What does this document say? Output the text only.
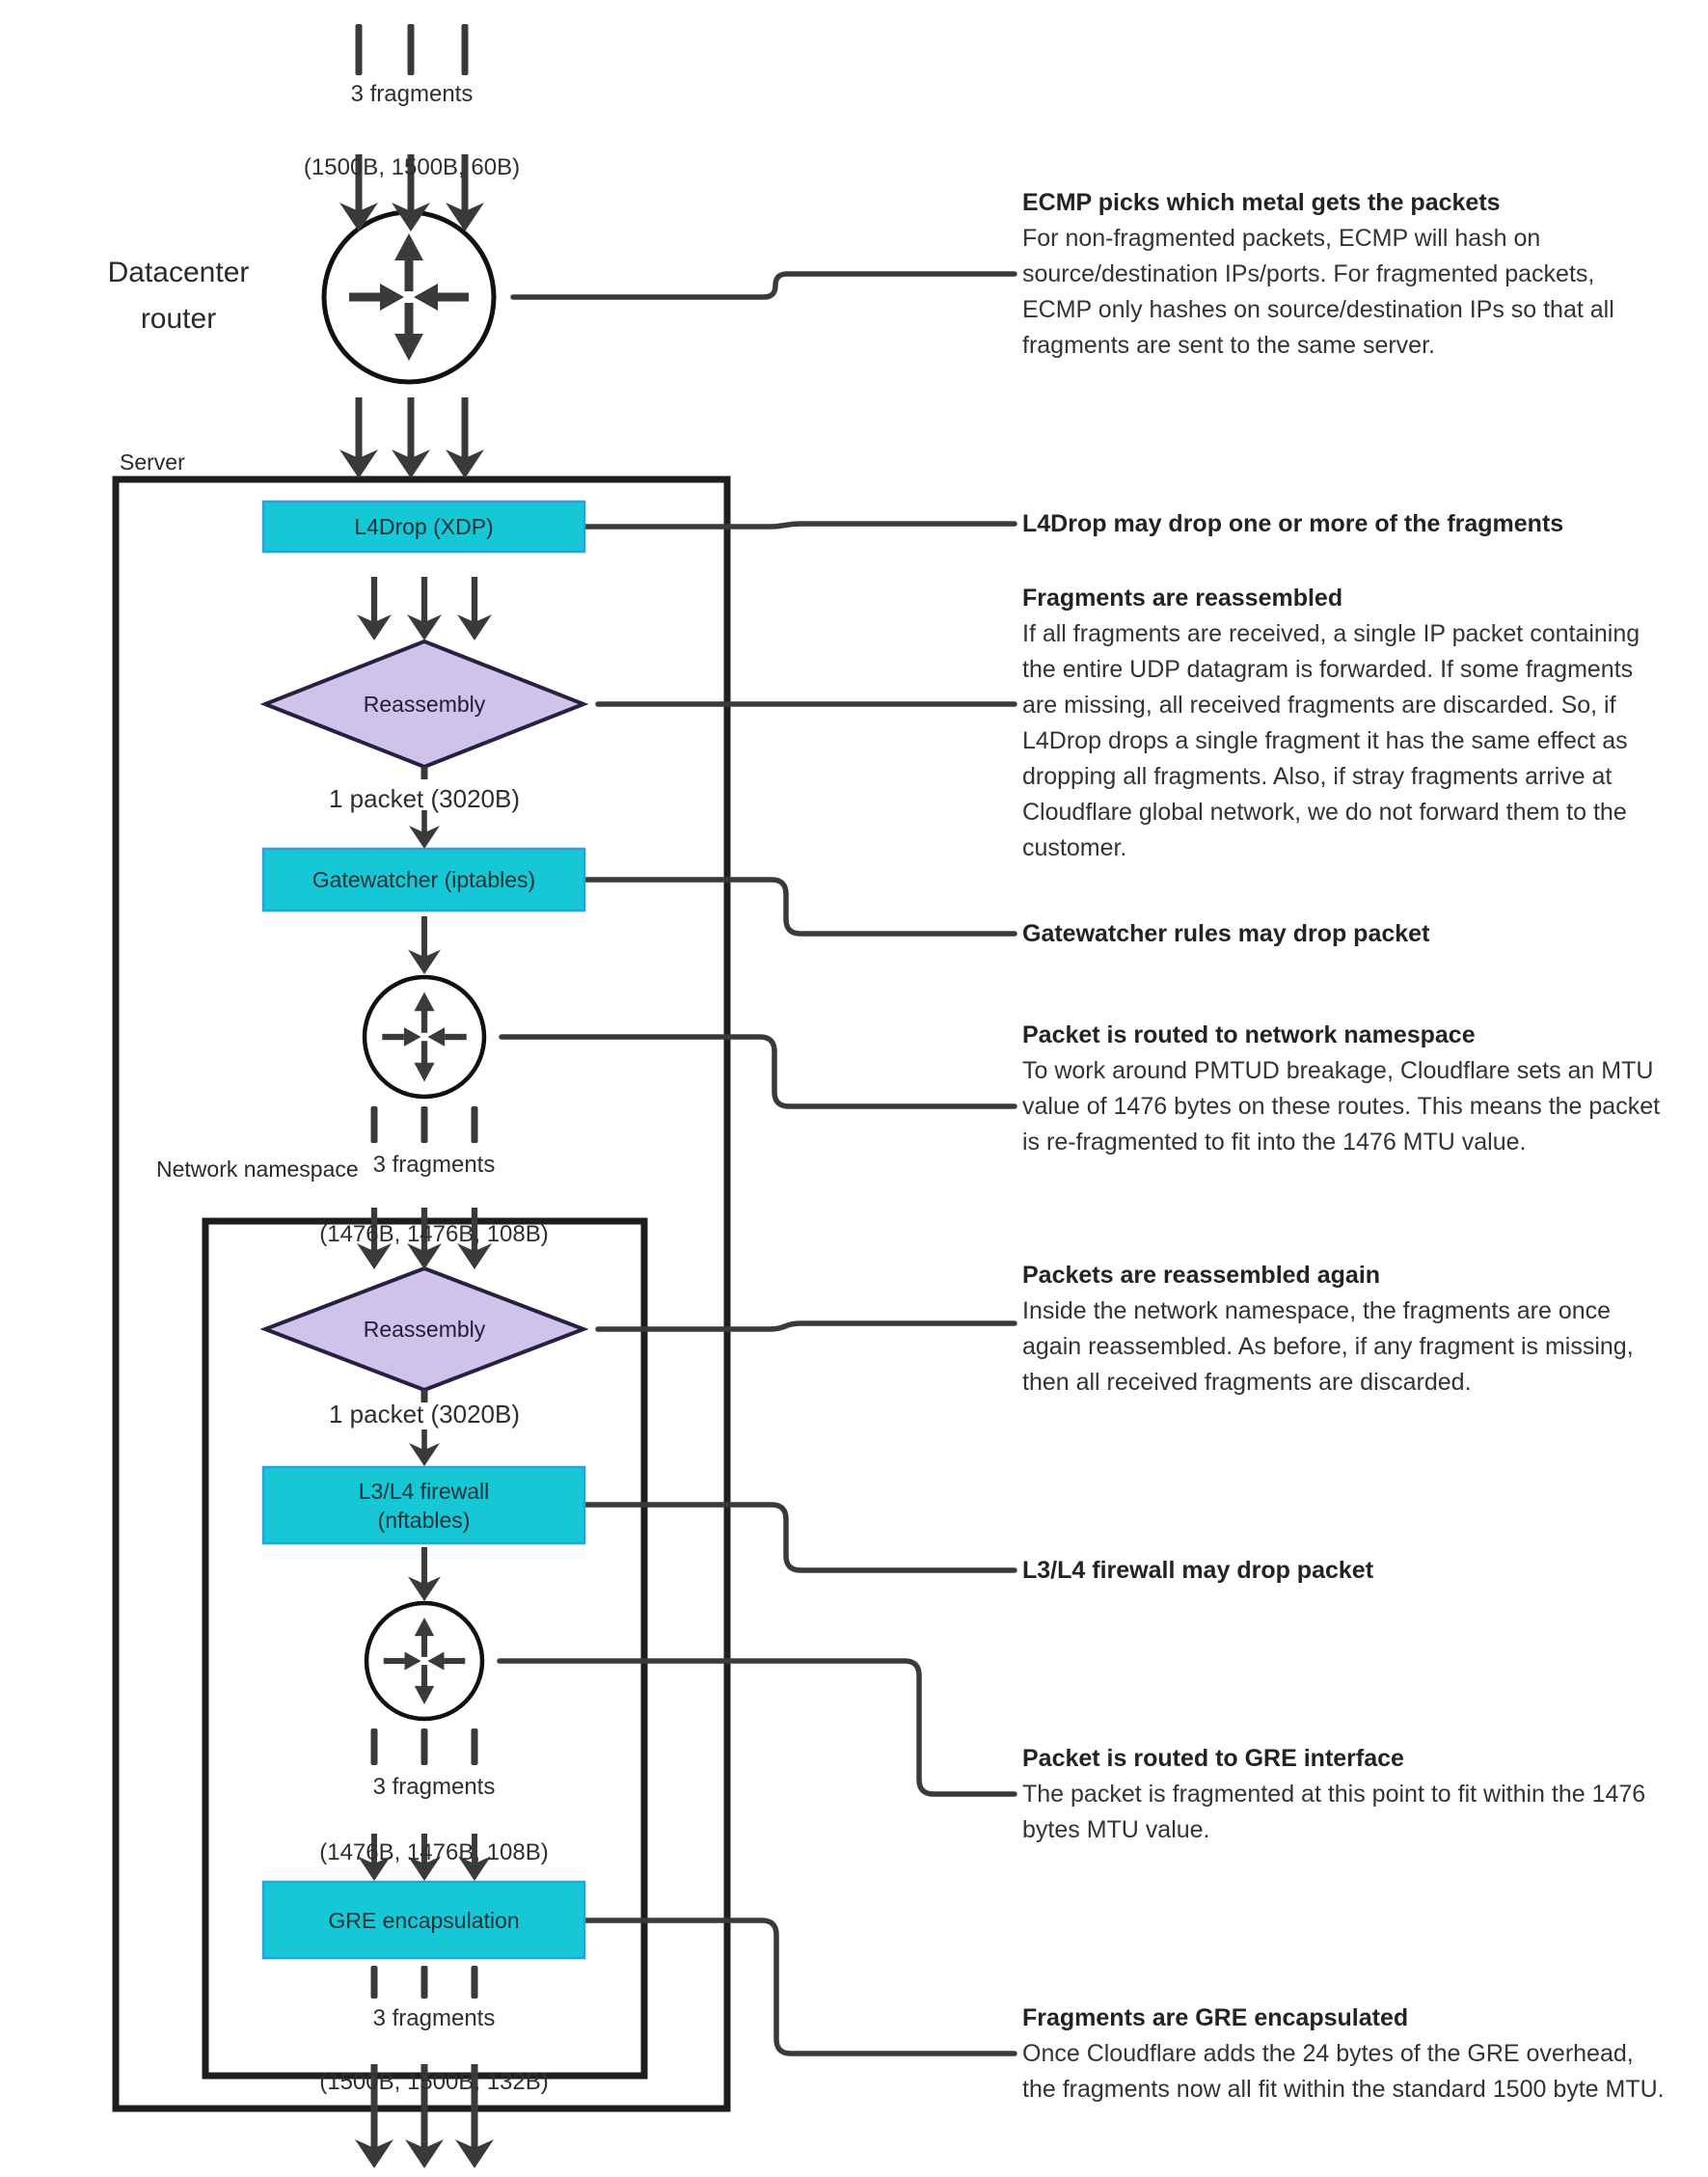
3 fragments

(1500B, 1500B, 60B)
Datacenter router
Server
L4Drop (XDP)
Reassembly
1 packet (3020B)
Gatewatcher (iptables)
3 fragments

(1476B, 1476B, 108B)
Network namespace
Reassembly
1 packet (3020B)
L3/L4 firewall
(nftables)
3 fragments

(1476B, 1476B, 108B)
GRE encapsulation
3 fragments

(1500B, 1500B, 132B)
ECMP picks which metal gets the packets
For non-fragmented packets, ECMP will hash on source/destination IPs/ports. For fragmented packets, ECMP only hashes on source/destination IPs so that all fragments are sent to the same server.
L4Drop may drop one or more of the fragments
Fragments are reassembled
If all fragments are received, a single IP packet containing the entire UDP datagram is forwarded. If some fragments are missing, all received fragments are discarded. So, if L4Drop drops a single fragment it has the same effect as dropping all fragments. Also, if stray fragments arrive at Cloudflare global network, we do not forward them to the customer.
Gatewatcher rules may drop packet
Packet is routed to network namespace
To work around PMTUD breakage, Cloudflare sets an MTU value of 1476 bytes on these routes. This means the packet is re-fragmented to fit into the 1476 MTU value.
Packets are reassembled again
Inside the network namespace, the fragments are once again reassembled. As before, if any fragment is missing, then all received fragments are discarded.
L3/L4 firewall may drop packet
Packet is routed to GRE interface
The packet is fragmented at this point to fit within the 1476 bytes MTU value.
Fragments are GRE encapsulated
Once Cloudflare adds the 24 bytes of the GRE overhead, the fragments now all fit within the standard 1500 byte MTU.
